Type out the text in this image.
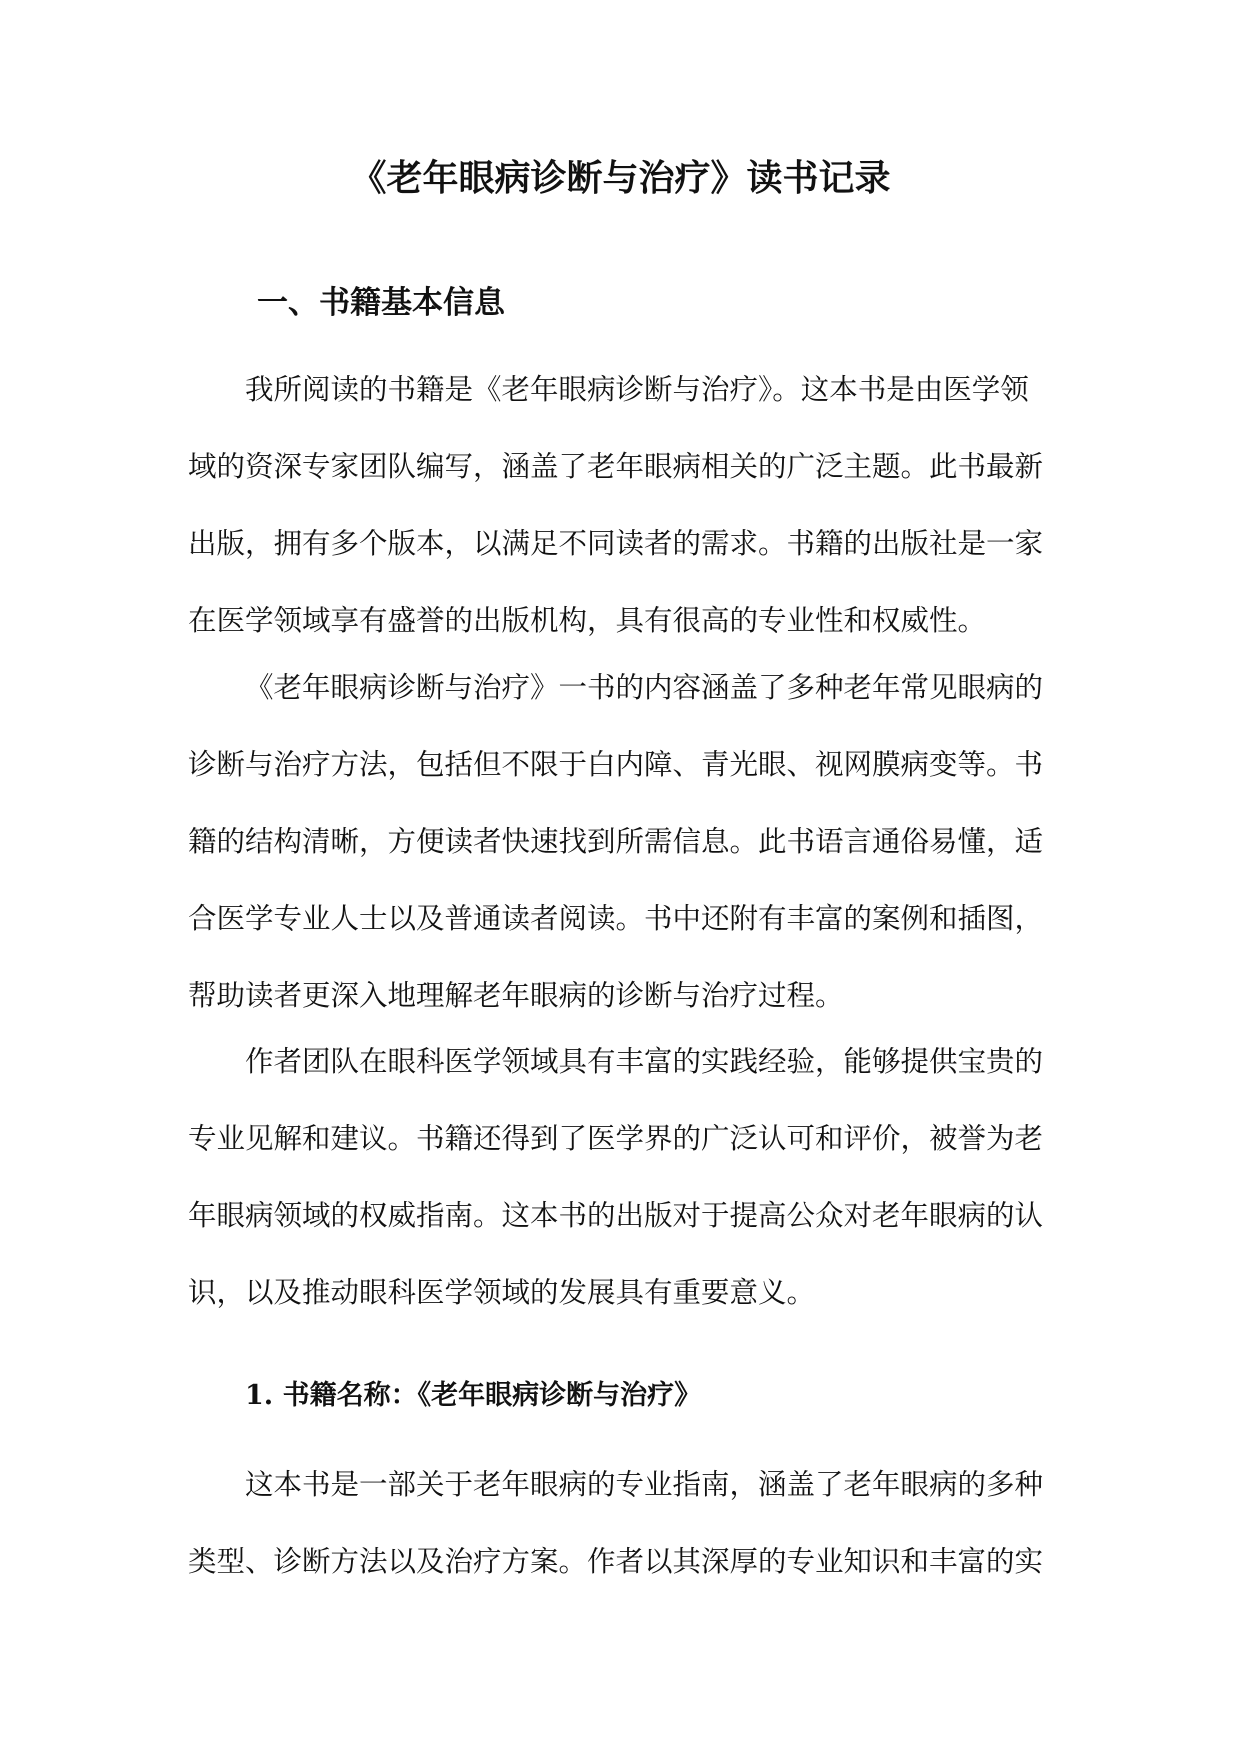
《老年眼病诊断与治疗》读书记录
一、书籍基本信息
我所阅读的书籍是《老年眼病诊断与治疗》。这本书是由医学领
域的资深专家团队编写，涵盖了老年眼病相关的广泛主题。此书最新
出版，拥有多个版本，以满足不同读者的需求。书籍的出版社是一家
在医学领域享有盛誉的出版机构，具有很高的专业性和权威性。
《老年眼病诊断与治疗》一书的内容涵盖了多种老年常见眼病的
诊断与治疗方法，包括但不限于白内障、青光眼、视网膜病变等。书
籍的结构清晰，方便读者快速找到所需信息。此书语言通俗易懂，适
合医学专业人士以及普通读者阅读。书中还附有丰富的案例和插图，
帮助读者更深入地理解老年眼病的诊断与治疗过程。
作者团队在眼科医学领域具有丰富的实践经验，能够提供宝贵的
专业见解和建议。书籍还得到了医学界的广泛认可和评价，被誉为老
年眼病领域的权威指南。这本书的出版对于提高公众对老年眼病的认
识，以及推动眼科医学领域的发展具有重要意义。
1. 书籍名称：《老年眼病诊断与治疗》
这本书是一部关于老年眼病的专业指南，涵盖了老年眼病的多种
类型、诊断方法以及治疗方案。作者以其深厚的专业知识和丰富的实
